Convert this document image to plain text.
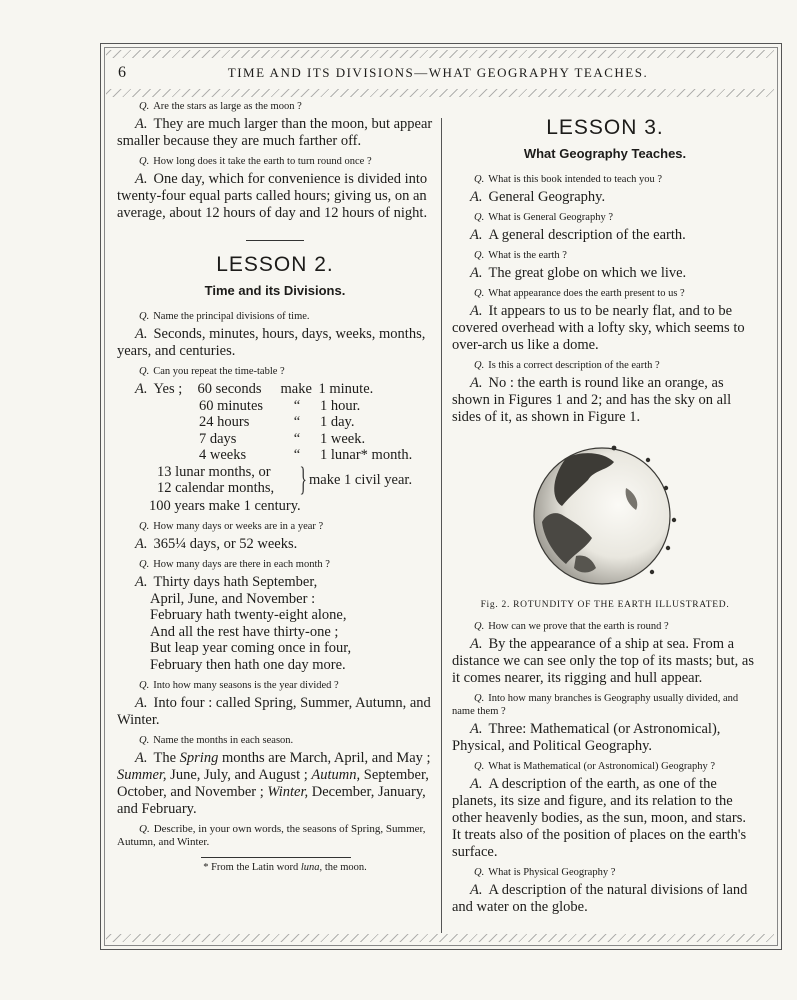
6	TIME AND ITS DIVISIONS—WHAT GEOGRAPHY TEACHES.

Q. Are the stars as large as the moon ?

A. They are much larger than the moon, but appear smaller because they are much farther off.

Q. How long does it take the earth to turn round once ?

A. One day, which for convenience is divided into twenty-four equal parts called hours; giving us, on an average, about 12 hours of day and 12 hours of night.

LESSON 2.
Time and its Divisions.

Q. Name the principal divisions of time.

A. Seconds, minutes, hours, days, weeks, months, years, and centuries.

Q. Can you repeat the time-table ?

A. Yes ;	60 seconds	make 1 minute.
60 minutes	“	1 hour.
24 hours	“	1 day.
7 days	“	1 week.
4 weeks	“	1 lunar* month.
13 lunar months, or
12 calendar months, } make 1 civil year.
100 years make 1 century.

Q. How many days or weeks are in a year ?

A. 365¼ days, or 52 weeks.

Q. How many days are there in each month ?

A. Thirty days hath September,
April, June, and November :
February hath twenty-eight alone,
And all the rest have thirty-one ;
But leap year coming once in four,
February then hath one day more.

Q. Into how many seasons is the year divided ?

A. Into four : called Spring, Summer, Autumn, and Winter.

Q. Name the months in each season.

A. The Spring months are March, April, and May ; Summer, June, July, and August ; Autumn, September, October, and November ; Winter, December, January, and February.

Q. Describe, in your own words, the seasons of Spring, Summer, Autumn, and Winter.

* From the Latin word luna, the moon.
LESSON 3.
What Geography Teaches.

Q. What is this book intended to teach you ?

A. General Geography.

Q. What is General Geography ?

A. A general description of the earth.

Q. What is the earth ?

A. The great globe on which we live.

Q. What appearance does the earth present to us ?

A. It appears to us to be nearly flat, and to be covered overhead with a lofty sky, which seems to over-arch us like a dome.

Q. Is this a correct description of the earth ?

A. No : the earth is round like an orange, as shown in Figures 1 and 2; and has the sky on all sides of it, as shown in Figure 1.

Fig. 2. ROTUNDITY OF THE EARTH ILLUSTRATED.

Q. How can we prove that the earth is round ?

A. By the appearance of a ship at sea. From a distance we can see only the top of its masts; but, as it comes nearer, its rigging and hull appear.

Q. Into how many branches is Geography usually divided, and name them ?

A. Three: Mathematical (or Astronomical), Physical, and Political Geography.

Q. What is Mathematical (or Astronomical) Geography ?

A. A description of the earth, as one of the planets, its size and figure, and its relation to the other heavenly bodies, as the sun, moon, and stars. It treats also of the position of places on the earth's surface.

Q. What is Physical Geography ?

A. A description of the natural divisions of land and water on the globe.
